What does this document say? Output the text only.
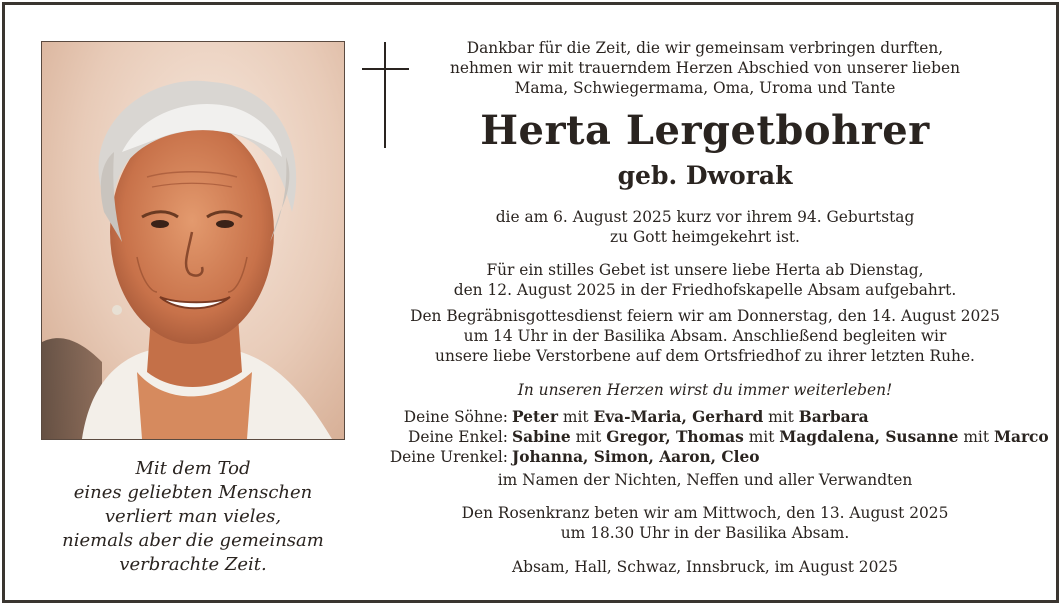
Mit dem Tod
eines geliebten Menschen
verliert man vieles,
niemals aber die gemeinsam
verbrachte Zeit.
Dankbar für die Zeit, die wir gemeinsam verbringen durften,
nehmen wir mit trauerndem Herzen Abschied von unserer lieben
Mama, Schwiegermama, Oma, Uroma und Tante
Herta Lergetbohrer
geb. Dworak
die am 6. August 2025 kurz vor ihrem 94. Geburtstag
zu Gott heimgekehrt ist.
Für ein stilles Gebet ist unsere liebe Herta ab Dienstag,
den 12. August 2025 in der Friedhofskapelle Absam aufgebahrt.
Den Begräbnisgottesdienst feiern wir am Donnerstag, den 14. August 2025
um 14 Uhr in der Basilika Absam. Anschließend begleiten wir
unsere liebe Verstorbene auf dem Ortsfriedhof zu ihrer letzten Ruhe.
In unseren Herzen wirst du immer weiterleben!
Deine Söhne: Peter mit Eva-Maria, Gerhard mit Barbara
Deine Enkel: Sabine mit Gregor, Thomas mit Magdalena, Susanne mit Marco
Deine Urenkel: Johanna, Simon, Aaron, Cleo
im Namen der Nichten, Neffen und aller Verwandten
Den Rosenkranz beten wir am Mittwoch, den 13. August 2025
um 18.30 Uhr in der Basilika Absam.
Absam, Hall, Schwaz, Innsbruck, im August 2025
